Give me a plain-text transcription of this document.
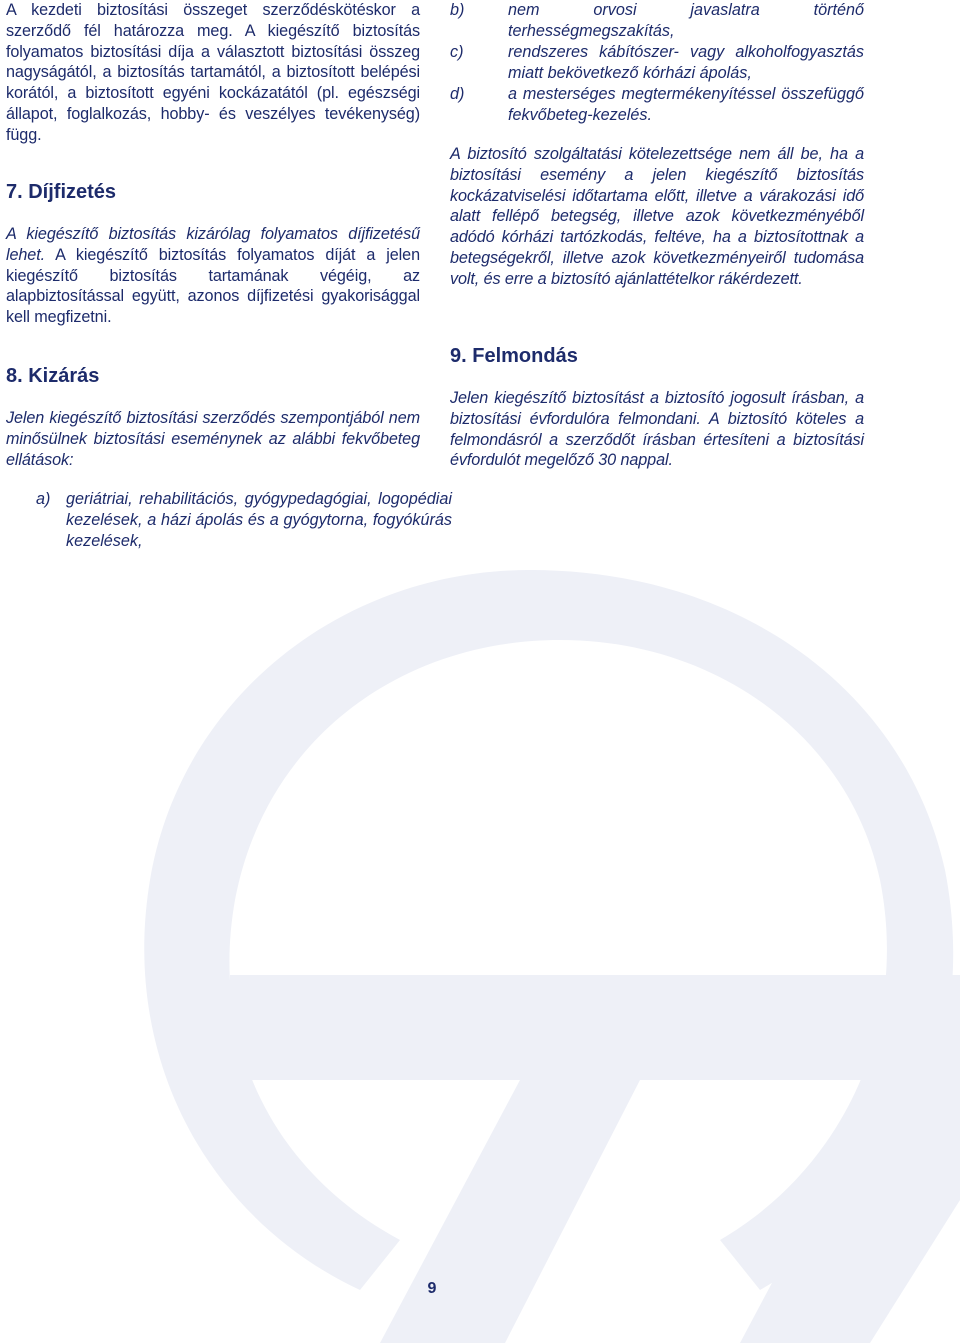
A kezdeti biztosítási összeget szerződéskötéskor a szerződő fél határozza meg. A kiegészítő biztosítás folyamatos biztosítási díja a választott biztosítási összeg nagyságától, a biztosítás tartamától, a biztosított belépési korától, a biztosított egyéni kockázatától (pl. egészségi állapot, foglalkozás, hobby- és veszélyes tevékenység) függ.

7. Díjfizetés

A kiegészítő biztosítás kizárólag folyamatos díjfizetésű lehet. A kiegészítő biztosítás folyamatos díját a jelen kiegészítő biztosítás tartamának végéig, az alapbiztosítással együtt, azonos díjfizetési gyakorisággal kell megfizetni.

8. Kizárás

Jelen kiegészítő biztosítási szerződés szempontjából nem minősülnek biztosítási eseménynek az alábbi fekvőbeteg ellátások:

a) geriátriai, rehabilitációs, gyógypedagógiai, logopédiai kezelések, a házi ápolás és a gyógytorna, fogyókúrás kezelések,

b)	nem orvosi javaslatra történő terhességmegszakítás,

c)	rendszeres kábítószer- vagy alkoholfogyasztás miatt bekövetkező kórházi ápolás,

d)	a mesterséges megtermékenyítéssel összefüggő fekvőbeteg-kezelés.

A biztosító szolgáltatási kötelezettsége nem áll be, ha a biztosítási esemény a jelen kiegészítő biztosítás kockázatviselési időtartama előtt, illetve a várakozási idő alatt fellépő betegség, illetve azok következményéből adódó kórházi tartózkodás, feltéve, ha a biztosítottnak a betegségekről, illetve azok következményeiről tudomása volt, és erre a biztosító ajánlattételkor rákérdezett.

9. Felmondás

Jelen kiegészítő biztosítást a biztosító jogosult írásban, a biztosítási évfordulóra felmondani. A biztosító köteles a felmondásról a szerződőt írásban értesíteni a biztosítási évfordulót megelőző 30 nappal.

9
